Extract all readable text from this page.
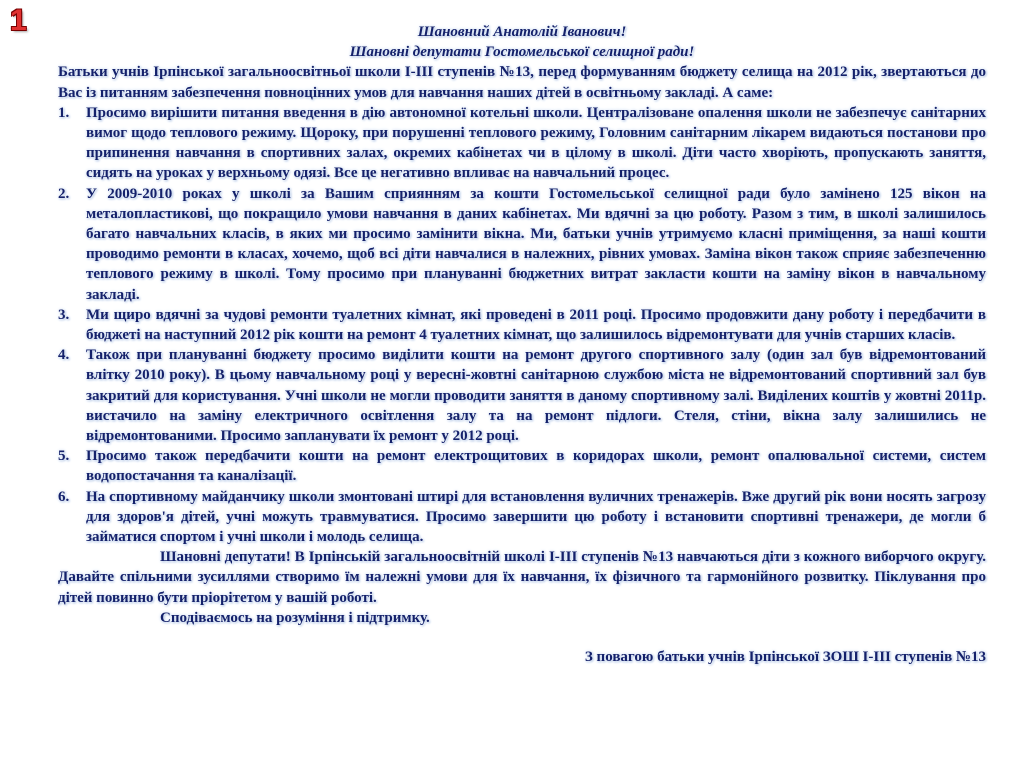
1	Шановний Анатолій Іванович!

Шановні депутати Гостомельської селищної ради!

Батьки учнів Ірпінської загальноосвітньої школи І-ІІІ ступенів №13, перед формуванням бюджету селища на 2012 рік, звертаються до Вас із питанням забезпечення повноцінних умов для навчання наших дітей в освітньому закладі. А саме:

1.	Просимо вирішити питання введення в дію автономної котельні школи. Централізоване опалення школи не забезпечує санітарних вимог щодо теплового режиму. Щороку, при порушенні теплового режиму, Головним санітарним лікарем видаються постанови про припинення навчання в спортивних залах, окремих кабінетах чи в цілому в школі. Діти часто хворіють, пропускають заняття, сидять на уроках у верхньому одязі. Все це негативно впливає на навчальний процес.
2.	У 2009-2010 роках у школі за Вашим сприянням за кошти Гостомельської селищної ради було замінено 125 вікон на металопластикові, що покращило умови навчання в даних кабінетах. Ми вдячні за цю роботу. Разом з тим, в школі залишилось багато навчальних класів, в яких ми просимо замінити вікна. Ми, батьки учнів утримуємо класні приміщення, за наші кошти проводимо ремонти в класах, хочемо, щоб всі діти навчалися в належних, рівних умовах. Заміна вікон також сприяє забезпеченню теплового режиму в школі. Тому просимо при плануванні бюджетних витрат закласти кошти на заміну вікон в навчальному закладі.
3.	Ми щиро вдячні за чудові ремонти туалетних кімнат, які проведені в 2011 році. Просимо продовжити дану роботу і передбачити в бюджеті на наступний 2012 рік кошти на ремонт 4 туалетних кімнат, що залишилось відремонтувати для учнів старших класів.
4.	Також при плануванні бюджету просимо виділити кошти на ремонт другого спортивного залу (один зал був відремонтований влітку 2010 року). В цьому навчальному році у вересні-жовтні санітарною службою міста не відремонтований спортивний зал був закритий для користування. Учні школи не могли проводити заняття в даному спортивному залі. Виділених коштів у жовтні 2011р. вистачило на заміну електричного освітлення залу та на ремонт підлоги. Стеля, стіни, вікна залу залишились не відремонтованими. Просимо запланувати їх ремонт у 2012 році.
5.	Просимо також передбачити кошти на ремонт електрощитових в коридорах школи, ремонт опалювальної системи, систем водопостачання та каналізації.
6.	На спортивному майданчику школи змонтовані штирі для встановлення вуличних тренажерів. Вже другий рік вони носять загрозу для здоров'я дітей, учні можуть травмуватися. Просимо завершити цю роботу і встановити спортивні тренажери, де могли б займатися спортом і учні школи і молодь селища.

Шановні депутати! В Ірпінській загальноосвітній школі І-ІІІ ступенів №13 навчаються діти з кожного виборчого округу. Давайте спільними зусиллями створимо їм належні умови для їх навчання, їх фізичного та гармонійного розвитку. Піклування про дітей повинно бути пріорітетом у вашій роботі.

Сподіваємось на розуміння і підтримку.

З повагою батьки учнів Ірпінської ЗОШ І-ІІІ ступенів №13
